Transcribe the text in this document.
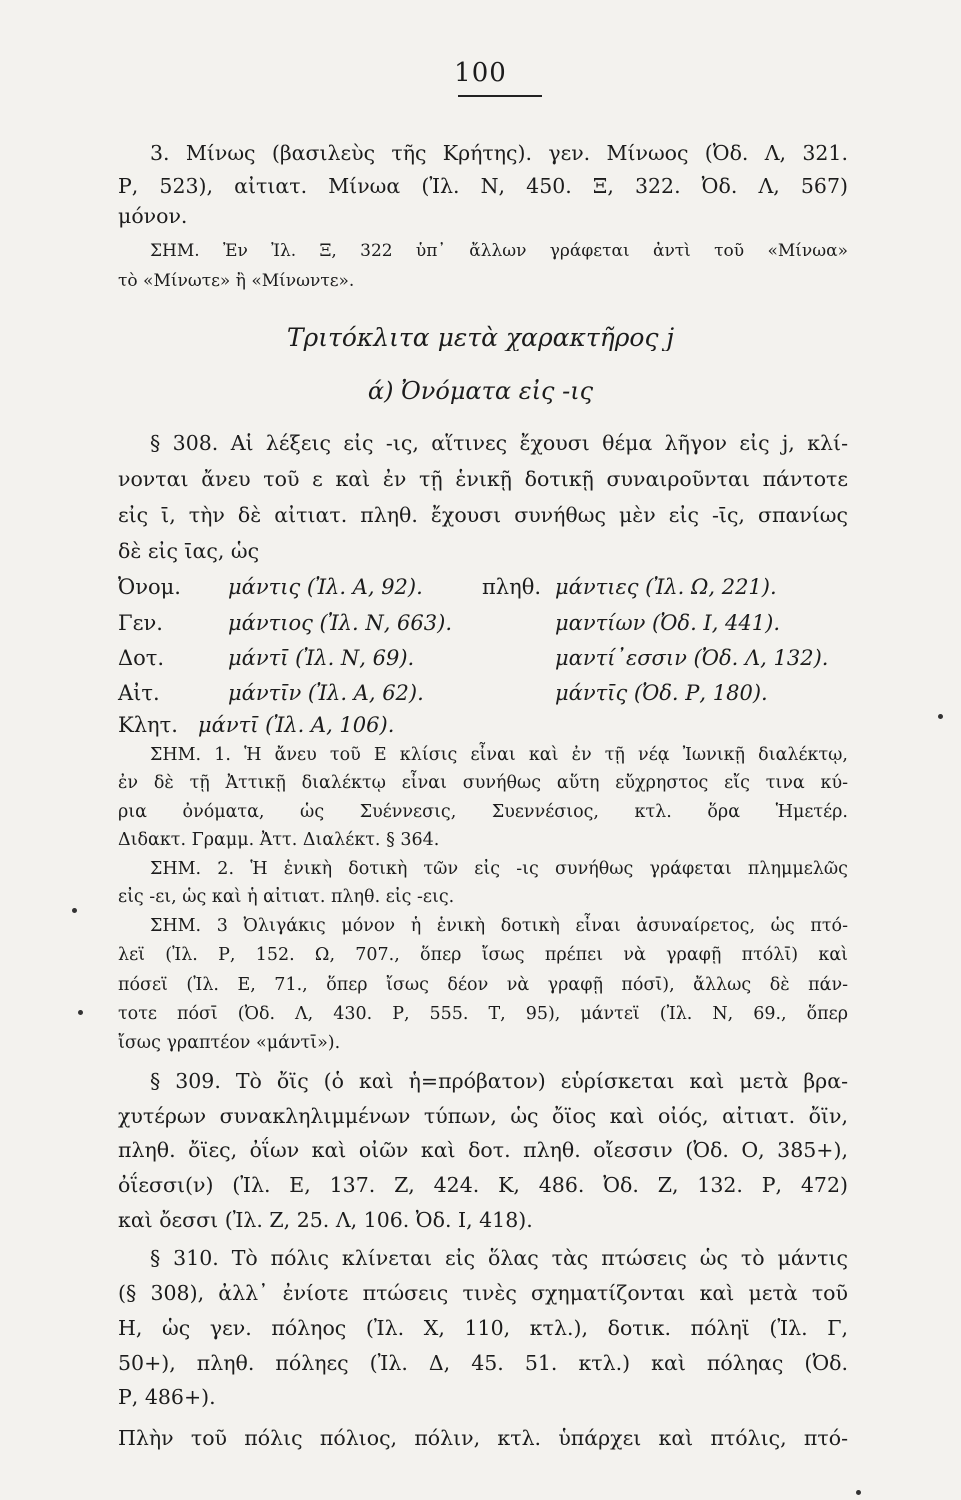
100
3. Μίνως (βασιλεὺς τῆς Κρήτης). γεν. Μίνωος (Ὀδ. Λ, 321.
Ρ, 523), αἰτιατ. Μίνωα (Ἰλ. Ν, 450. Ξ, 322. Ὀδ. Λ, 567)
μόνον.
ΣΗΜ. Ἐν Ἰλ. Ξ, 322 ὑπ᾽ ἄλλων γράφεται ἀντὶ τοῦ «Μίνωα»
τὸ «Μίνωτε» ἢ «Μίνωντε».
Τριτόκλιτα μετὰ χαρακτῆρος j
ά) Ὀνόματα εἰς -ις
§ 308. Αἱ λέξεις εἰς -ις, αἵτινες ἔχουσι θέμα λῆγον εἰς j, κλί-
νονται ἄνευ τοῦ ε καὶ ἐν τῇ ἑνικῇ δοτικῇ συναιροῦνται πάντοτε
εἰς ῑ, τὴν δὲ αἰτιατ. πληθ. ἔχουσι συνήθως μὲν εἰς -ῑς, σπανίως
δὲ εἰς ῑας, ὡς
Ὀνομ. μάντις (Ἰλ. Α, 92).	πληθ. μάντιες (Ἰλ. Ω, 221).
Γεν.	μάντιος (Ἰλ. Ν, 663).	μαντίων (Ὀδ. Ι, 441).
Δοτ.	μάντῑ (Ἰλ. Ν, 69).	μαντί᾽εσσιν (Ὀδ. Λ, 132).
Αἰτ.	μάντῑν (Ἰλ. Α, 62).	μάντῑς (Ὀδ. Ρ, 180).
Κλητ. μάντῑ (Ἰλ. Α, 106).
ΣΗΜ. 1. Ἡ ἄνευ τοῦ Ε κλίσις εἶναι καὶ ἐν τῇ νέᾳ Ἰωνικῇ διαλέκτῳ,
ἐν δὲ τῇ Ἀττικῇ διαλέκτῳ εἶναι συνήθως αὕτη εὔχρηστος εἴς τινα κύ-
ρια ὀνόματα, ὡς Συέννεσις, Συεννέσιος, κτλ. ὅρα Ἡμετέρ.
Διδακτ. Γραμμ. Ἀττ. Διαλέκτ. § 364.
ΣΗΜ. 2. Ἡ ἑνικὴ δοτικὴ τῶν εἰς -ις συνήθως γράφεται πλημμελῶς
εἰς -ει, ὡς καὶ ἡ αἰτιατ. πληθ. εἰς -εις.
ΣΗΜ. 3 Ὀλιγάκις μόνον ἡ ἑνικὴ δοτικὴ εἶναι ἀσυναίρετος, ὡς πτό-
λεϊ (Ἰλ. Ρ, 152. Ω, 707., ὅπερ ἴσως πρέπει νὰ γραφῇ πτόλῑ) καὶ
πόσεϊ (Ἰλ. Ε, 71., ὅπερ ἴσως δέον νὰ γραφῇ πόσῑ), ἄλλως δὲ πάν-
τοτε πόσῑ (Ὀδ. Λ, 430. Ρ, 555. Τ, 95), μάντεϊ (Ἰλ. Ν, 69., ὅπερ
ἴσως γραπτέον «μάντῑ»).
§ 309. Τὸ ὄϊς (ὁ καὶ ἡ=πρόβατον) εὑρίσκεται καὶ μετὰ βρα-
χυτέρων συνακληλιμμένων τύπων, ὡς ὄϊος καὶ οἰός, αἰτιατ. ὄϊν,
πληθ. ὄϊες, ὀΐων καὶ οἰῶν καὶ δοτ. πληθ. οἴεσσιν (Ὀδ. Ο, 385+),
ὀΐεσσι(ν) (Ἰλ. Ε, 137. Ζ, 424. Κ, 486. Ὀδ. Ζ, 132. Ρ, 472)
καὶ ὄεσσι (Ἰλ. Ζ, 25. Λ, 106. Ὀδ. Ι, 418).
§ 310. Τὸ πόλις κλίνεται εἰς ὅλας τὰς πτώσεις ὡς τὸ μάντις
(§ 308), ἀλλ᾽ ἐνίοτε πτώσεις τινὲς σχηματίζονται καὶ μετὰ τοῦ
Η, ὡς γεν. πόληος (Ἰλ. Χ, 110, κτλ.), δοτικ. πόληϊ (Ἰλ. Γ,
50+), πληθ. πόληες (Ἰλ. Δ, 45. 51. κτλ.) καὶ πόληας (Ὀδ.
Ρ, 486+).
Πλὴν τοῦ πόλις πόλιος, πόλιν, κτλ. ὑπάρχει καὶ πτόλις, πτό-
